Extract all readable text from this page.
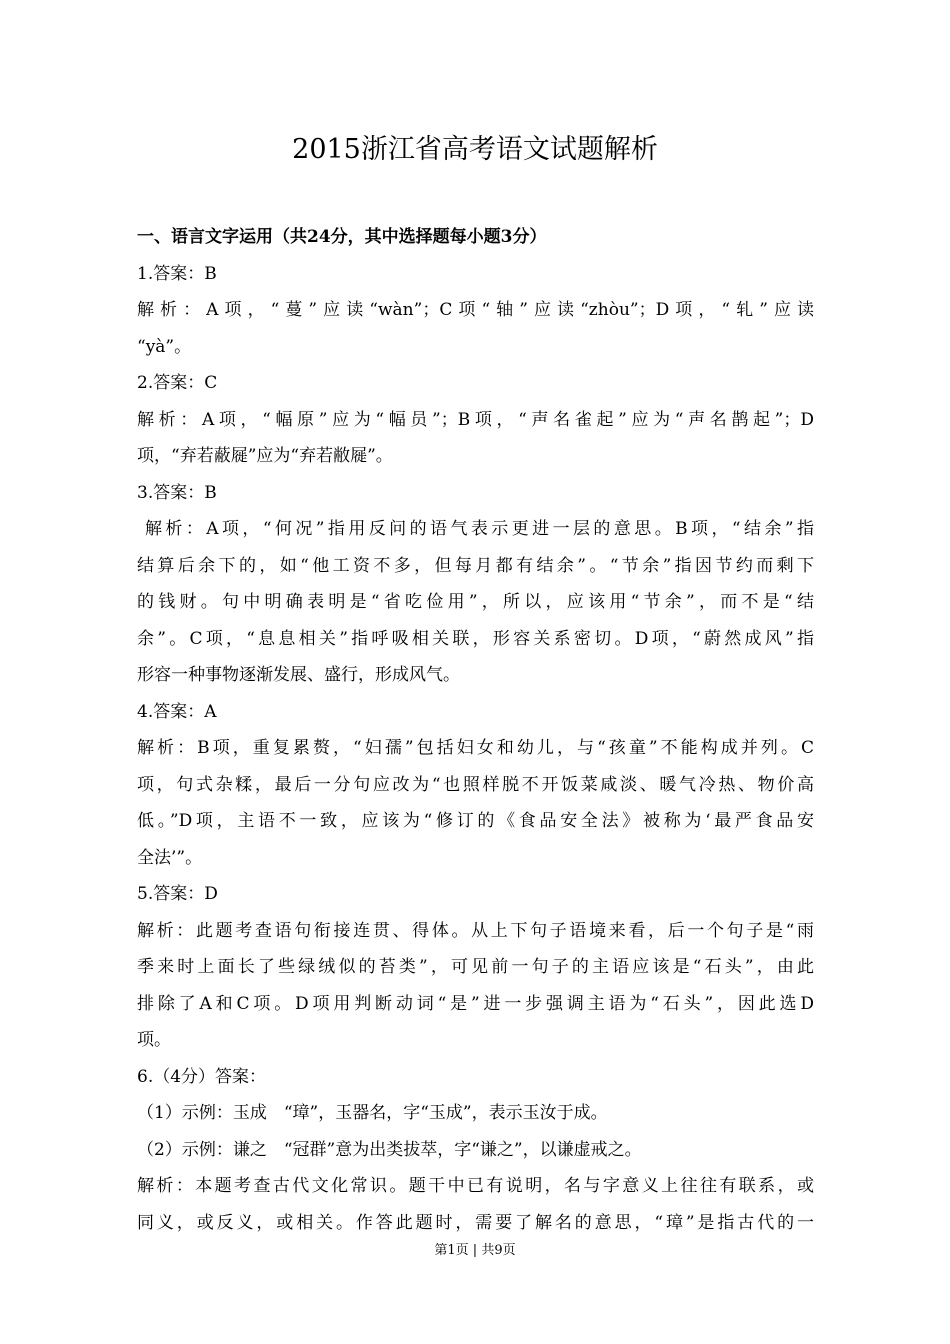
2015浙江省高考语文试题解析
一、语言文字运用（共24分，其中选择题每小题3分）
1.答案：B
解析：A项，“蔓”应读“wàn”；C项“轴”应读“zhòu”；D项，“轧”应读
“yà”。
2.答案：C
解析：A项，“幅原”应为“幅员”；B项，“声名雀起”应为“声名鹊起”；D
项，“弃若蔽屣”应为“弃若敝屣”。
3.答案：B
解析：A项，“何况”指用反问的语气表示更进一层的意思。B项，“结余”指
结算后余下的，如“他工资不多，但每月都有结余”。“节余”指因节约而剩下
的钱财。句中明确表明是“省吃俭用”，所以，应该用“节余”，而不是“结
余”。C项，“息息相关”指呼吸相关联，形容关系密切。D项，“蔚然成风”指
形容一种事物逐渐发展、盛行，形成风气。
4.答案：A
解析：B项，重复累赘，“妇孺”包括妇女和幼儿，与“孩童”不能构成并列。C
项，句式杂糅，最后一分句应改为“也照样脱不开饭菜咸淡、暖气冷热、物价高
低。”D项，主语不一致，应该为“修订的《食品安全法》被称为‘最严食品安
全法’”。
5.答案：D
解析：此题考查语句衔接连贯、得体。从上下句子语境来看，后一个句子是“雨
季来时上面长了些绿绒似的苔类”，可见前一句子的主语应该是“石头”，由此
排除了A和C项。D项用判断动词“是”进一步强调主语为“石头”，因此选D
项。
6.（4分）答案：
（1）示例：玉成　“璋”，玉器名，字“玉成”，表示玉汝于成。
（2）示例：谦之　“冠群”意为出类拔萃，字“谦之”，以谦虚戒之。
解析：本题考查古代文化常识。题干中已有说明，名与字意义上往往有联系，或
同义，或反义，或相关。作答此题时，需要了解名的意思，“璋”是指古代的一
第1页 | 共9页
